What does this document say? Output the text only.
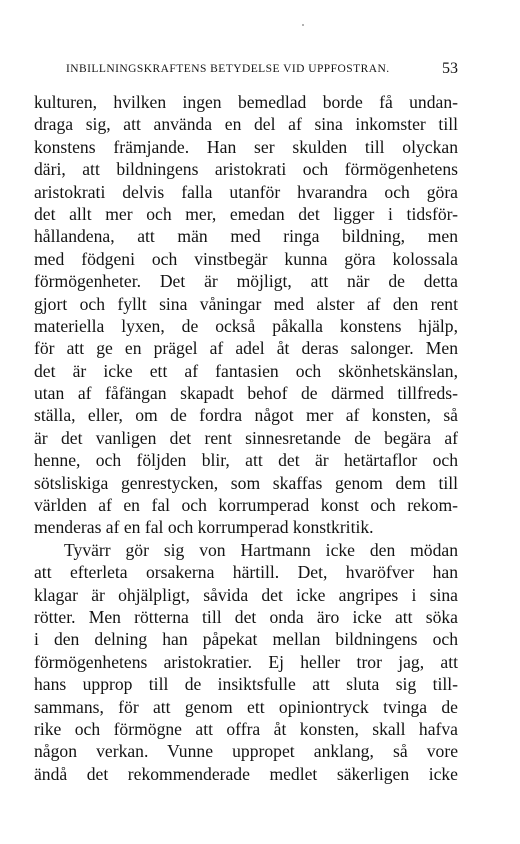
INBILLNINGSKRAFTENS BETYDELSE VID UPPFOSTRAN.	53
kulturen, hvilken ingen bemedlad borde få undan-
draga sig, att använda en del af sina inkomster till
konstens främjande. Han ser skulden till olyckan
däri, att bildningens aristokrati och förmögenhetens
aristokrati delvis falla utanför hvarandra och göra
det allt mer och mer, emedan det ligger i tidsför-
hållandena, att män med ringa bildning, men
med födgeni och vinstbegär kunna göra kolossala
förmögenheter. Det är möjligt, att när de detta
gjort och fyllt sina våningar med alster af den rent
materiella lyxen, de också påkalla konstens hjälp,
för att ge en prägel af adel åt deras salonger. Men
det är icke ett af fantasien och skönhetskänslan,
utan af fåfängan skapadt behof de därmed tillfreds-
ställa, eller, om de fordra något mer af konsten, så
är det vanligen det rent sinnesretande de begära af
henne, och följden blir, att det är hetärtaflor och
sötsliskiga genrestycken, som skaffas genom dem till
världen af en fal och korrumperad konst och rekom-
menderas af en fal och korrumperad konstkritik.
Tyvärr gör sig von Hartmann icke den mödan
att efterleta orsakerna härtill. Det, hvaröfver han
klagar är ohjälpligt, såvida det icke angripes i sina
rötter. Men rötterna till det onda äro icke att söka
i den delning han påpekat mellan bildningens och
förmögenhetens aristokratier. Ej heller tror jag, att
hans upprop till de insiktsfulle att sluta sig till-
sammans, för att genom ett opiniontryck tvinga de
rike och förmögne att offra åt konsten, skall hafva
någon verkan. Vunne uppropet anklang, så vore
ändå det rekommenderade medlet säkerligen icke
